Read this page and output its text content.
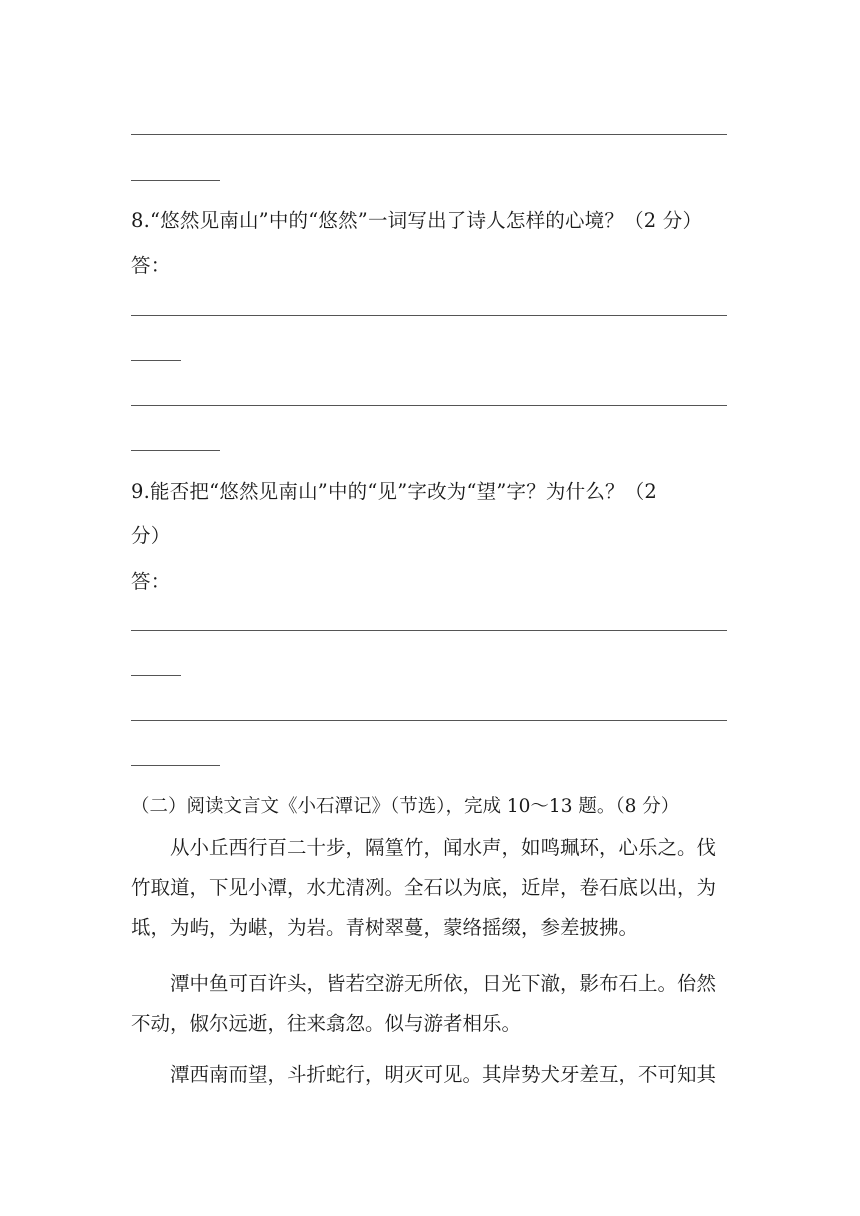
8.“悠然见南山”中的“悠然”一词写出了诗人怎样的心境？（2 分）
答：
9.能否把“悠然见南山”中的“见”字改为“望”字？为什么？（2
分）
答：
（二）阅读文言文《小石潭记》（节选），完成 10～13 题。（8 分）
　　从小丘西行百二十步，隔篁竹，闻水声，如鸣珮环，心乐之。伐
竹取道，下见小潭，水尤清冽。全石以为底，近岸，卷石底以出，为
坻，为屿，为嵁，为岩。青树翠蔓，蒙络摇缀，参差披拂。
　　潭中鱼可百许头，皆若空游无所依，日光下澈，影布石上。佁然
不动，俶尔远逝，往来翕忽。似与游者相乐。
　　潭西南而望，斗折蛇行，明灭可见。其岸势犬牙差互，不可知其
